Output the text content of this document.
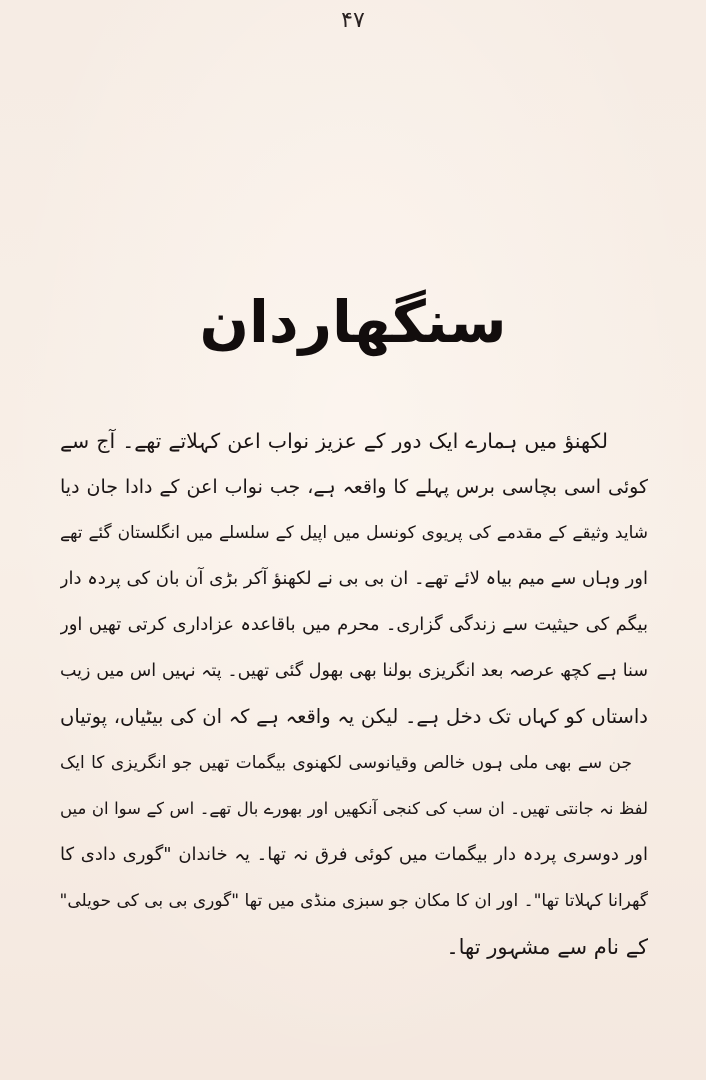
۴۷
سنگھاردان
لکھنؤ میں ہمارے ایک دور کے عزیز نواب اعن کہلاتے تھے۔ آج سے
کوئی اسی بچاسی برس پہلے کا واقعہ ہے، جب نواب اعن کے دادا جان دیا
شاید وثیقے کے مقدمے کی پریوی کونسل میں اپیل کے سلسلے میں انگلستان گئے تھے
اور وہاں سے میم بیاہ لائے تھے۔ ان بی بی نے لکھنؤ آکر بڑی آن بان کی پردہ دار
بیگم کی حیثیت سے زندگی گزاری۔ محرم میں باقاعدہ عزاداری کرتی تھیں اور
سنا ہے کچھ عرصہ بعد انگریزی بولنا بھی بھول گئی تھیں۔ پتہ نہیں اس میں زیب
داستاں کو کہاں تک دخل ہے۔ لیکن یہ واقعہ ہے کہ ان کی بیٹیاں، پوتیاں
جن سے بھی ملی ہوں خالص وقیانوسی لکھنوی بیگمات تھیں جو انگریزی کا ایک
لفظ نہ جانتی تھیں۔ ان سب کی کنجی آنکھیں اور بھورے بال تھے۔ اس کے سوا ان میں
اور دوسری پردہ دار بیگمات میں کوئی فرق نہ تھا۔ یہ خاندان "گوری دادی کا
گھرانا کہلاتا تھا"۔ اور ان کا مکان جو سبزی منڈی میں تھا "گوری بی بی کی حویلی"
کے نام سے مشہور تھا۔
